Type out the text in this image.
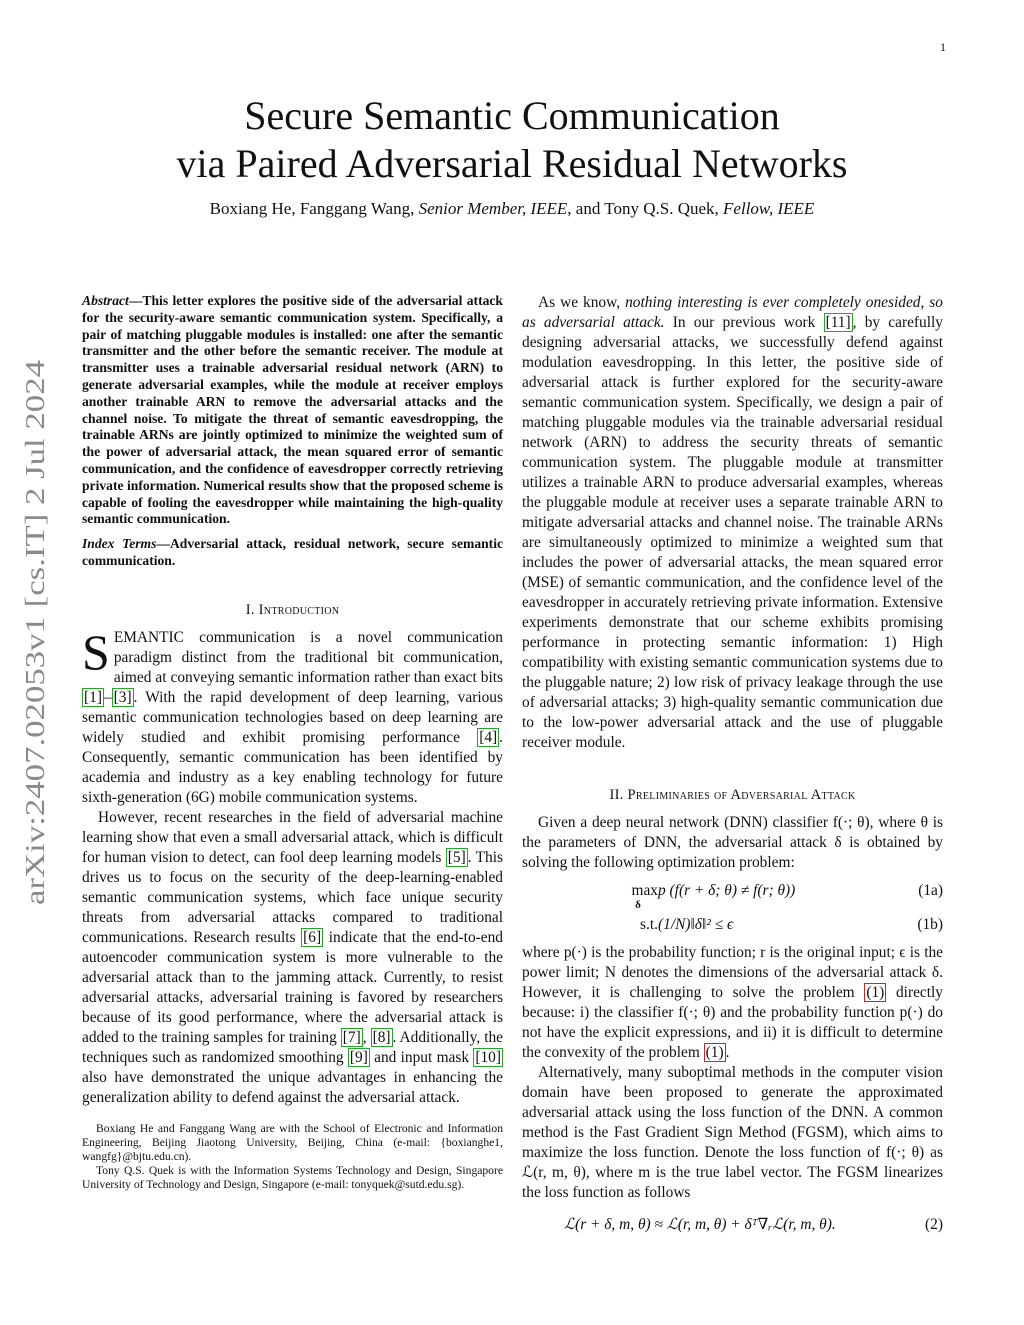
1
arXiv:2407.02053v1 [cs.IT] 2 Jul 2024
Secure Semantic Communication
via Paired Adversarial Residual Networks
Boxiang He, Fanggang Wang, Senior Member, IEEE, and Tony Q.S. Quek, Fellow, IEEE
Abstract—This letter explores the positive side of the adversarial attack for the security-aware semantic communication system. Specifically, a pair of matching pluggable modules is installed: one after the semantic transmitter and the other before the semantic receiver. The module at transmitter uses a trainable adversarial residual network (ARN) to generate adversarial examples, while the module at receiver employs another trainable ARN to remove the adversarial attacks and the channel noise. To mitigate the threat of semantic eavesdropping, the trainable ARNs are jointly optimized to minimize the weighted sum of the power of adversarial attack, the mean squared error of semantic communication, and the confidence of eavesdropper correctly retrieving private information. Numerical results show that the proposed scheme is capable of fooling the eavesdropper while maintaining the high-quality semantic communication.
Index Terms—Adversarial attack, residual network, secure semantic communication.
I. Introduction

SEMANTIC communication is a novel communication paradigm distinct from the traditional bit communication, aimed at conveying semantic information rather than exact bits [1] – [3] . With the rapid development of deep learning, various semantic communication technologies based on deep learning are widely studied and exhibit promising performance [4] . Consequently, semantic communication has been identified by academia and industry as a key enabling technology for future sixth-generation (6G) mobile communication systems.

However, recent researches in the field of adversarial machine learning show that even a small adversarial attack, which is difficult for human vision to detect, can fool deep learning models [5] . This drives us to focus on the security of the deep-learning-enabled semantic communication systems, which face unique security threats from adversarial attacks compared to traditional communications. Research results [6] indicate that the end-to-end autoencoder communication system is more vulnerable to the adversarial attack than to the jamming attack. Currently, to resist adversarial attacks, adversarial training is favored by researchers because of its good performance, where the adversarial attack is added to the training samples for training [7] , [8] . Additionally, the techniques such as randomized smoothing [9] and input mask [10] also have demonstrated the unique advantages in enhancing the generalization ability to defend against the adversarial attack.

Boxiang He and Fanggang Wang are with the School of Electronic and Information Engineering, Beijing Jiaotong University, Beijing, China (e-mail: {boxianghe1, wangfg}@bjtu.edu.cn).

Tony Q.S. Quek is with the Information Systems Technology and Design, Singapore University of Technology and Design, Singapore (e-mail: tonyquek@sutd.edu.sg).

As we know, nothing interesting is ever completely onesided, so as adversarial attack. In our previous work [11] , by carefully designing adversarial attacks, we successfully defend against modulation eavesdropping. In this letter, the positive side of adversarial attack is further explored for the security-aware semantic communication system. Specifically, we design a pair of matching pluggable modules via the trainable adversarial residual network (ARN) to address the security threats of semantic communication system. The pluggable module at transmitter utilizes a trainable ARN to produce adversarial examples, whereas the pluggable module at receiver uses a separate trainable ARN to mitigate adversarial attacks and channel noise. The trainable ARNs are simultaneously optimized to minimize a weighted sum that includes the power of adversarial attacks, the mean squared error (MSE) of semantic communication, and the confidence level of the eavesdropper in accurately retrieving private information. Extensive experiments demonstrate that our scheme exhibits promising performance in protecting semantic information: 1) High compatibility with existing semantic communication systems due to the pluggable nature; 2) low risk of privacy leakage through the use of adversarial attacks; 3) high-quality semantic communication due to the low-power adversarial attack and the use of pluggable receiver module.

II. Preliminaries of Adversarial Attack

Given a deep neural network (DNN) classifier f(·; θ), where θ is the parameters of DNN, the adversarial attack δ is obtained by solving the following optimization problem:

max
δ
p (f(r + δ; θ) ≠ f(r; θ))	(1a)
s.t. (1/N)‖δ‖² ≤ ϵ	(1b)

where p(·) is the probability function; r is the original input; ϵ is the power limit; N denotes the dimensions of the adversarial attack δ. However, it is challenging to solve the problem (1) directly because: i) the classifier f(·; θ) and the probability function p(·) do not have the explicit expressions, and ii) it is difficult to determine the convexity of the problem (1) .

Alternatively, many suboptimal methods in the computer vision domain have been proposed to generate the approximated adversarial attack using the loss function of the DNN. A common method is the Fast Gradient Sign Method (FGSM), which aims to maximize the loss function. Denote the loss function of f(·; θ) as ℒ(r, m, θ), where m is the true label vector. The FGSM linearizes the loss function as follows

ℒ(r + δ, m, θ) ≈ ℒ(r, m, θ) + δᵀ∇ᵣℒ(r, m, θ).	(2)
